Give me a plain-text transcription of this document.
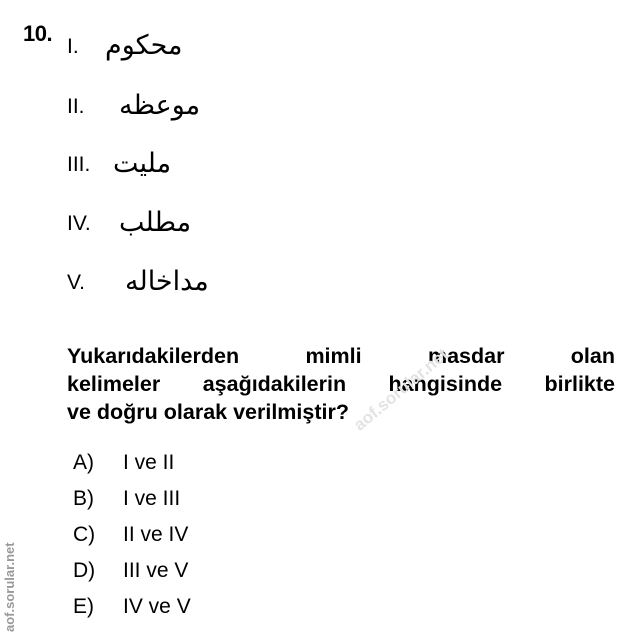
10.
I. محكوم
II. موعظه
III. مليت
IV. مطلب
V. مداخاله
Yukarıdakilerden mimli masdar olan
kelimeler aşağıdakilerin hangisinde birlikte
ve doğru olarak verilmiştir?
A) I ve II
B) I ve III
C) II ve IV
D) III ve V
E) IV ve V
aof.sorular.net
aof.sorular.net
